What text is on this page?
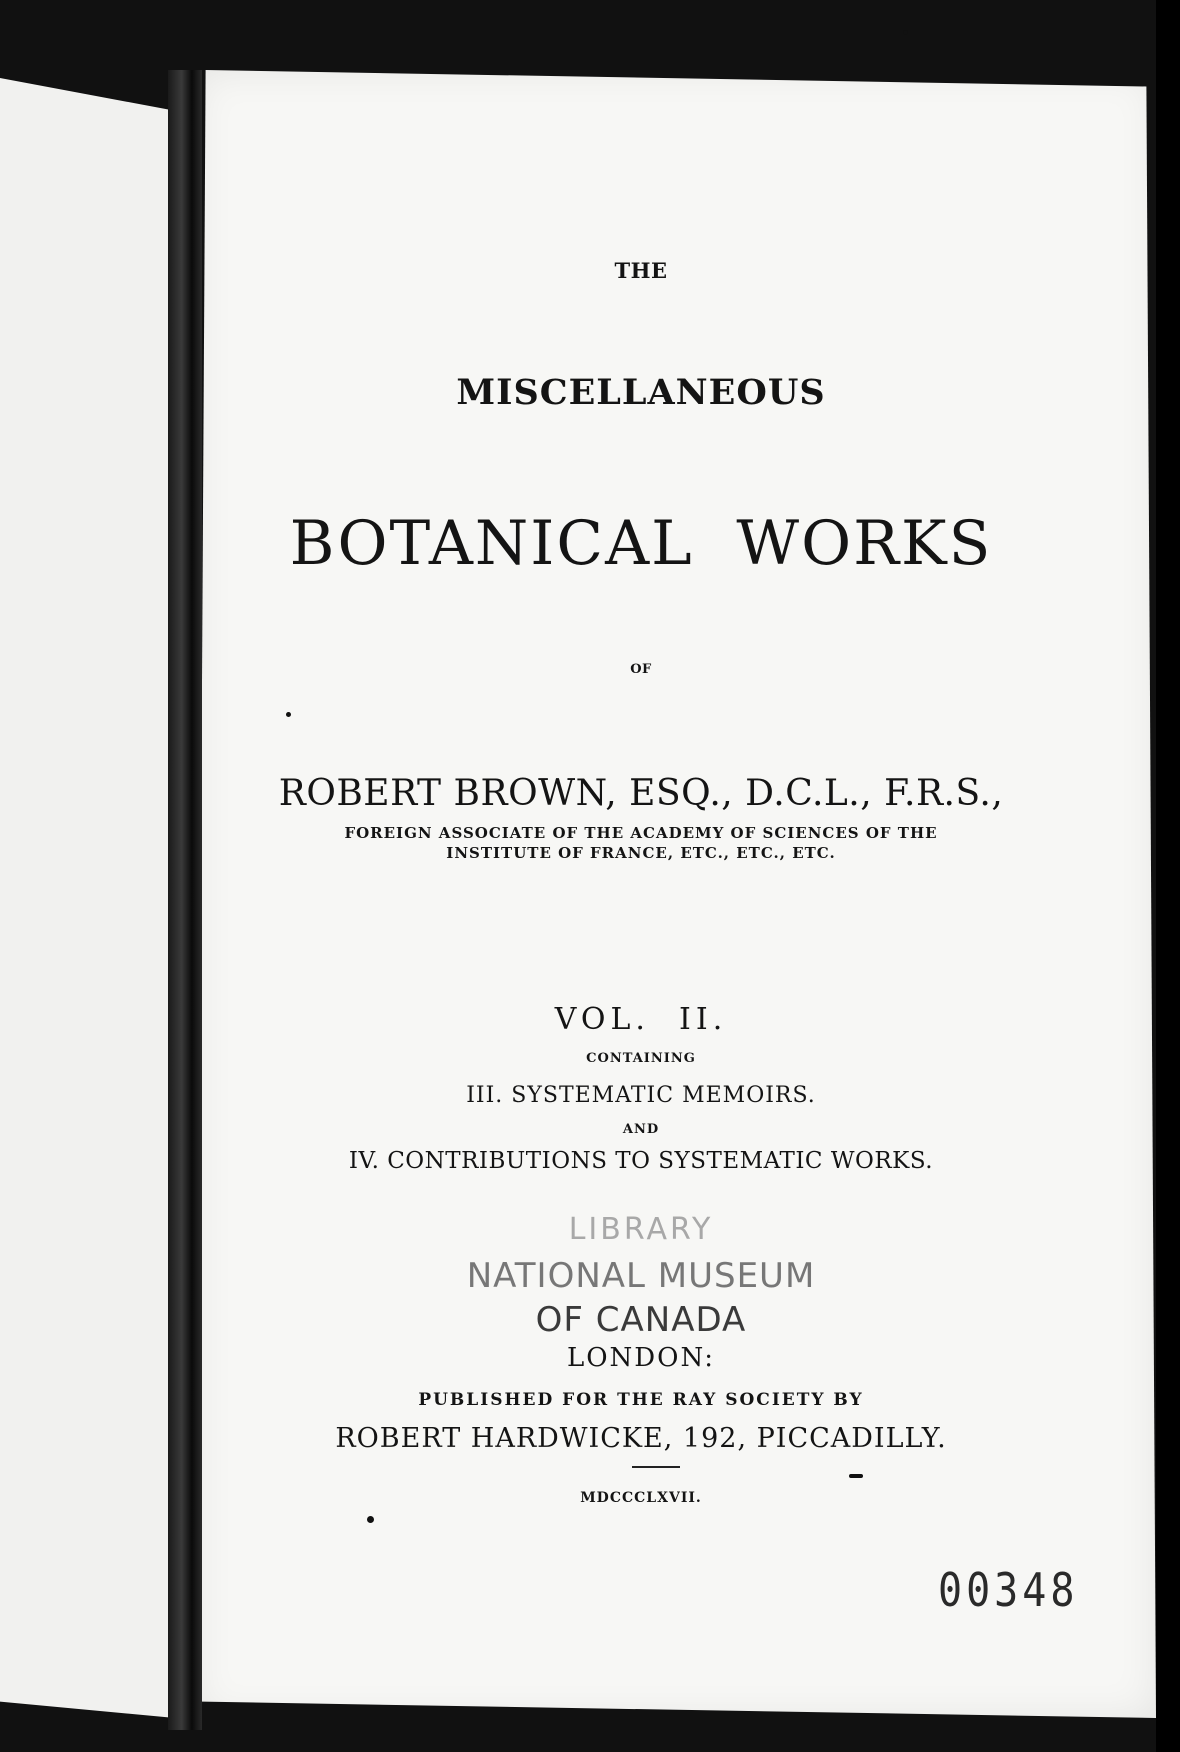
THE
MISCELLANEOUS
BOTANICAL  WORKS
OF
ROBERT BROWN, ESQ., D.C.L., F.R.S.,
FOREIGN ASSOCIATE OF THE ACADEMY OF SCIENCES OF THE
INSTITUTE OF FRANCE, ETC., ETC., ETC.
VOL.  II.
CONTAINING
III. SYSTEMATIC MEMOIRS.
AND
IV. CONTRIBUTIONS TO SYSTEMATIC WORKS.
LIBRARY
NATIONAL MUSEUM
OF CANADA
LONDON:
PUBLISHED FOR THE RAY SOCIETY BY
ROBERT HARDWICKE, 192, PICCADILLY.
MDCCCLXVII.
00348
